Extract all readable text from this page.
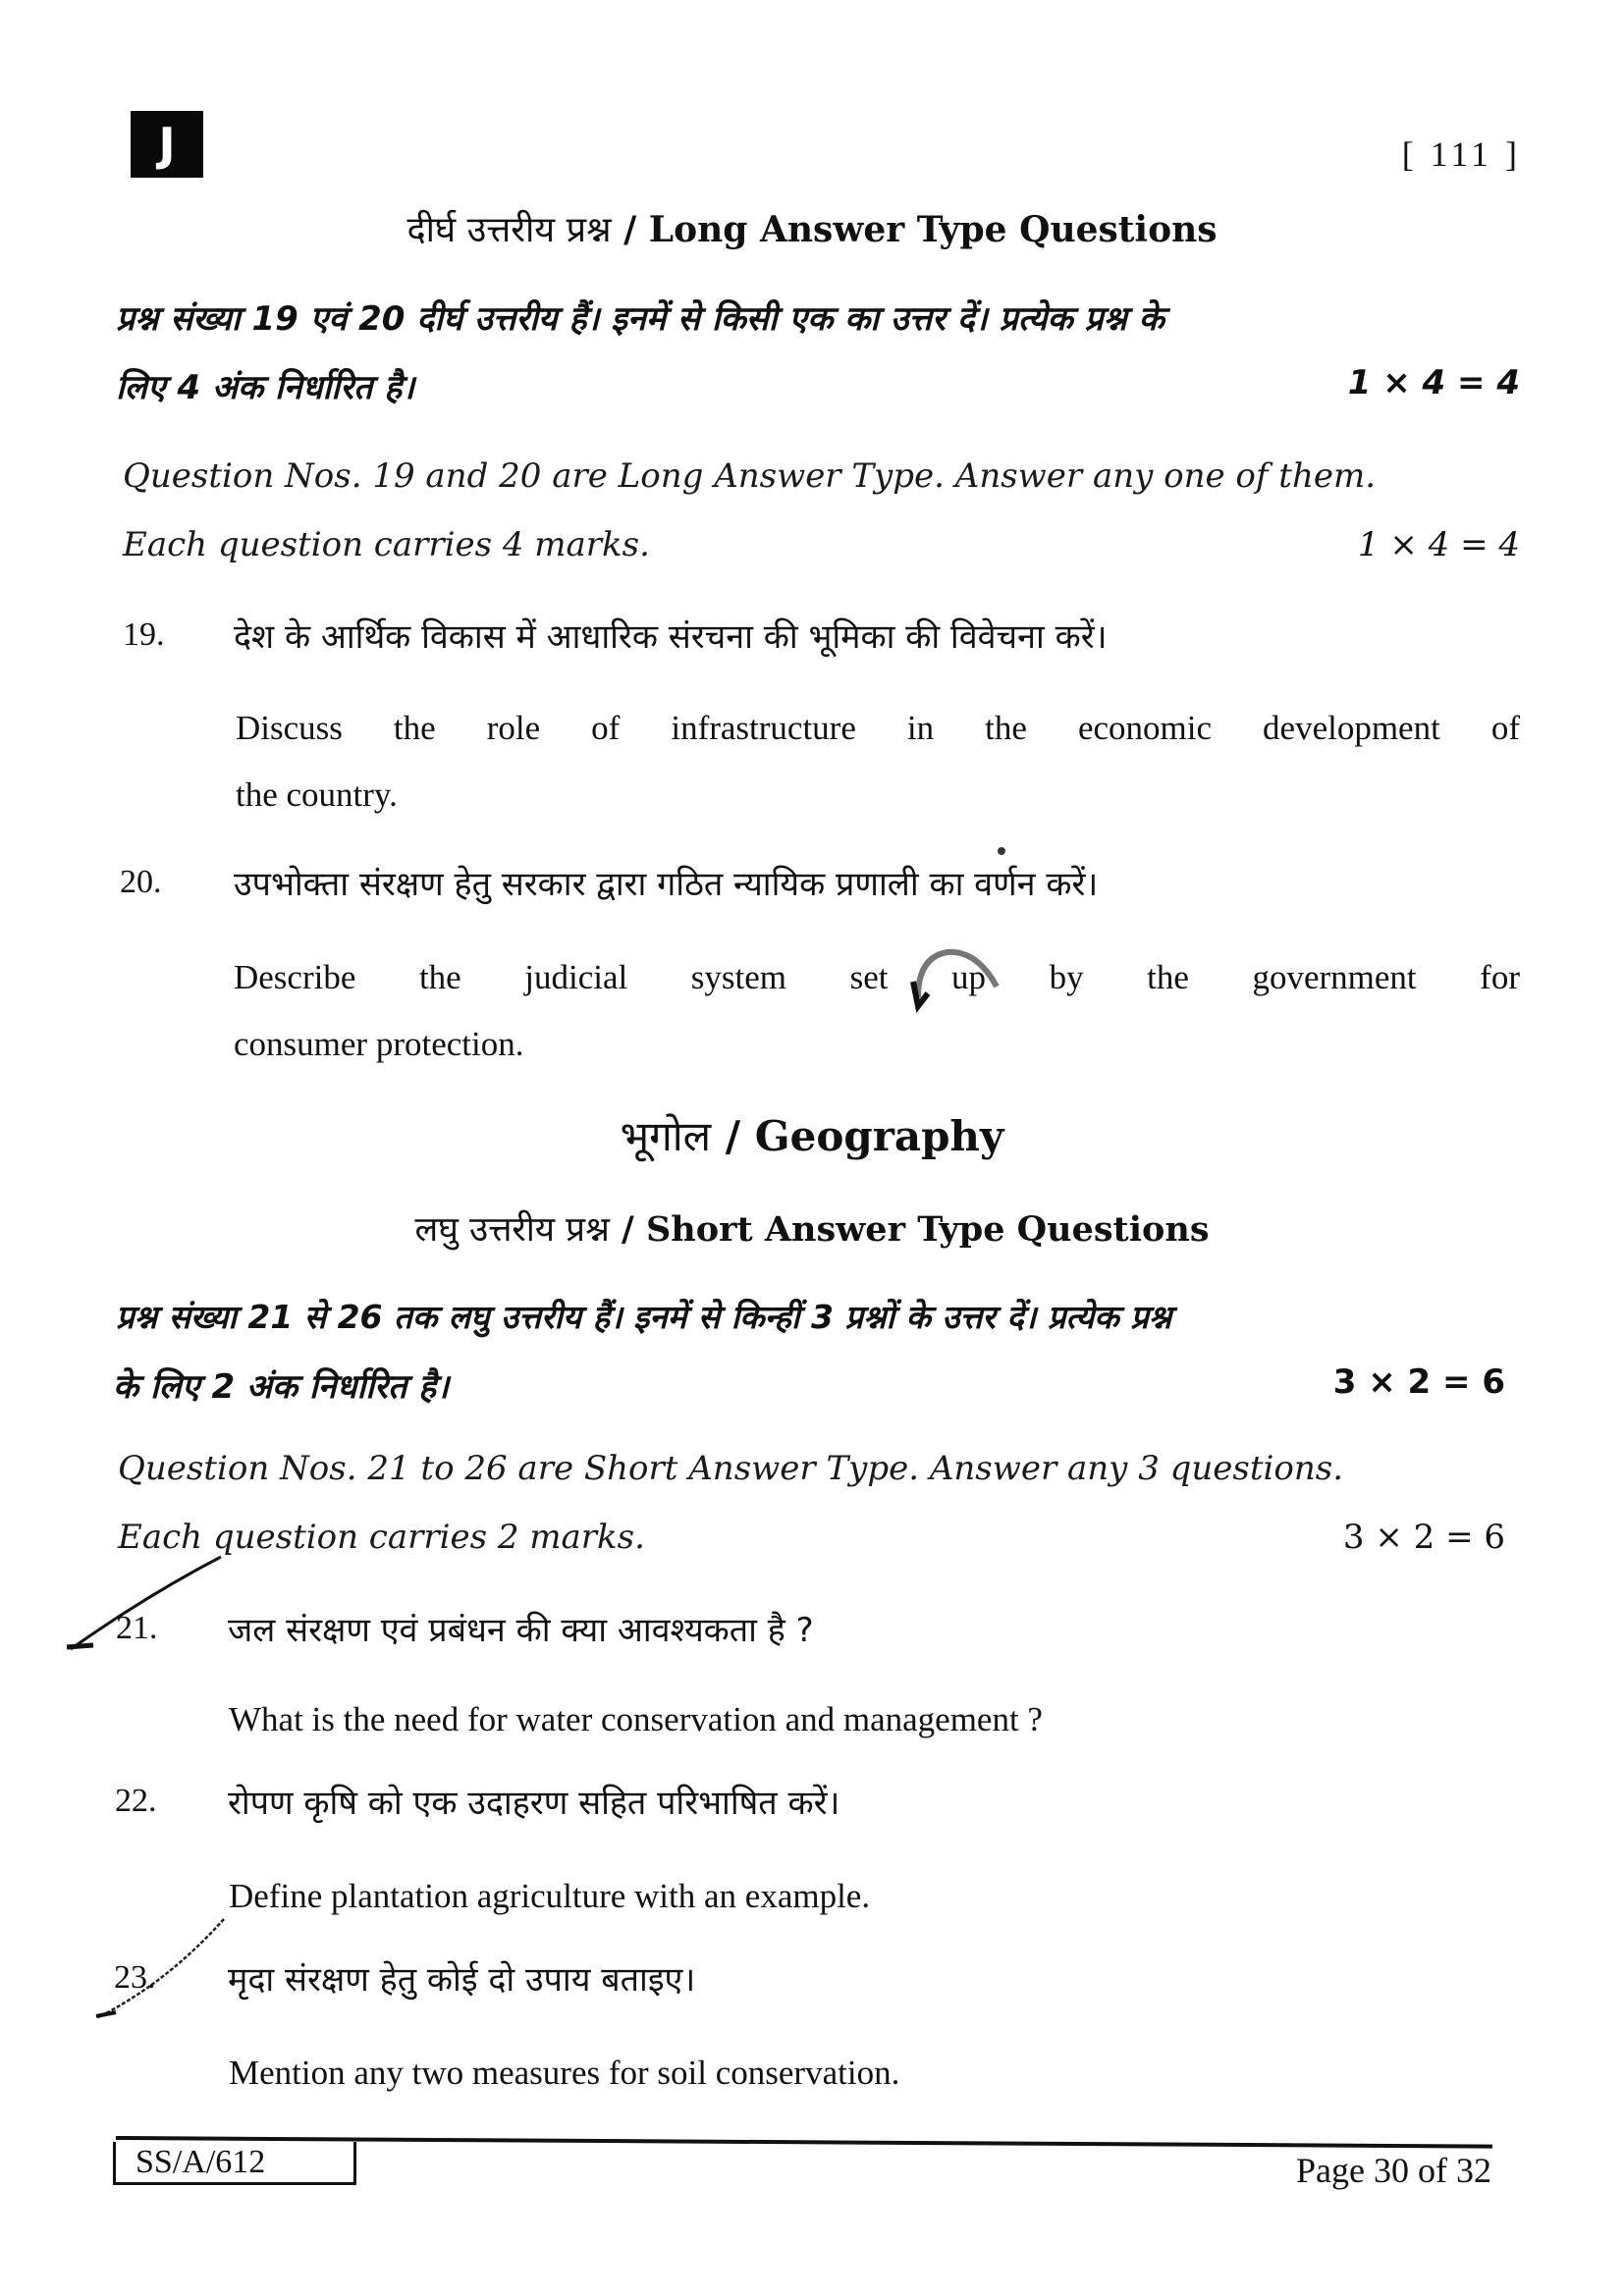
J	[ 111 ]
दीर्घ उत्तरीय प्रश्न / Long Answer Type Questions
प्रश्न संख्या 19 एवं 20 दीर्घ उत्तरीय हैं। इनमें से किसी एक का उत्तर दें। प्रत्येक प्रश्न के
लिए 4 अंक निर्धारित है।	1 × 4 = 4
Question Nos. 19 and 20 are Long Answer Type. Answer any one of them.
Each question carries 4 marks.	1 × 4 = 4
19. देश के आर्थिक विकास में आधारिक संरचना की भूमिका की विवेचना करें।
Discuss the role of infrastructure in the economic development of
the country.
20. उपभोक्ता संरक्षण हेतु सरकार द्वारा गठित न्यायिक प्रणाली का वर्णन करें।
Describe the judicial system set up by the government for
consumer protection.
भूगोल / Geography
लघु उत्तरीय प्रश्न / Short Answer Type Questions
प्रश्न संख्या 21 से 26 तक लघु उत्तरीय हैं। इनमें से किन्हीं 3 प्रश्नों के उत्तर दें। प्रत्येक प्रश्न
के लिए 2 अंक निर्धारित है।	3 × 2 = 6
Question Nos. 21 to 26 are Short Answer Type. Answer any 3 questions.
Each question carries 2 marks.	3 × 2 = 6
21. जल संरक्षण एवं प्रबंधन की क्या आवश्यकता है ?
What is the need for water conservation and management ?
22. रोपण कृषि को एक उदाहरण सहित परिभाषित करें।
Define plantation agriculture with an example.
23. मृदा संरक्षण हेतु कोई दो उपाय बताइए।
Mention any two measures for soil conservation.
SS/A/612	Page 30 of 32
